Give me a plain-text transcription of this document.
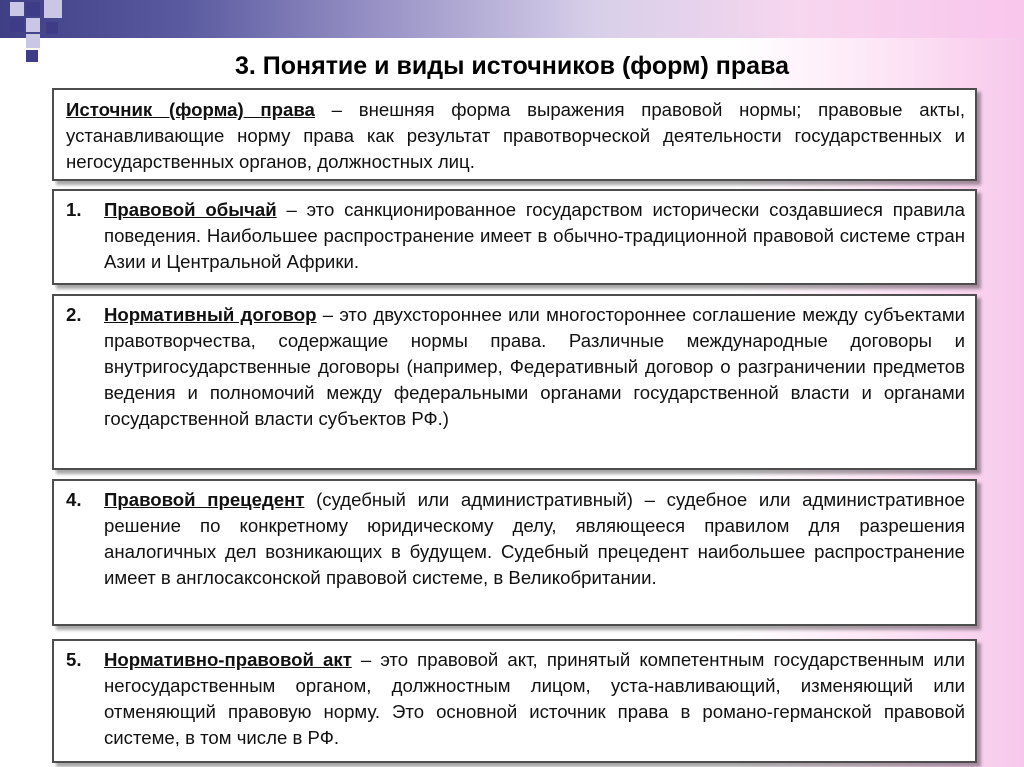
3. Понятие и виды источников (форм) права
Источник (форма) права – внешняя форма выражения правовой нормы; правовые акты, устанавливающие норму права как результат правотворческой деятельности государственных и негосударственных органов, должностных лиц.
1.	Правовой обычай – это санкционированное государством исторически создавшиеся правила поведения. Наибольшее распространение имеет в обычно-традиционной правовой системе стран Азии и Центральной Африки.
2.	Нормативный договор – это двухстороннее или многостороннее соглашение между субъектами правотворчества, содержащие нормы права. Различные международные договоры и внутригосударственные договоры (например, Федеративный договор о разграничении предметов ведения и полномочий между федеральными органами государственной власти и органами государственной власти субъектов РФ.)
4.	Правовой прецедент (судебный или административный) – судебное или административное решение по конкретному юридическому делу, являющееся правилом для разрешения аналогичных дел возникающих в будущем. Судебный прецедент наибольшее распространение имеет в англосаксонской правовой системе, в Великобритании.
5.	Нормативно-правовой акт – это правовой акт, принятый компетентным государственным или негосударственным органом, должностным лицом, уста-навливающий, изменяющий или отменяющий правовую норму. Это основной источник права в романо-германской правовой системе, в том числе в РФ.
